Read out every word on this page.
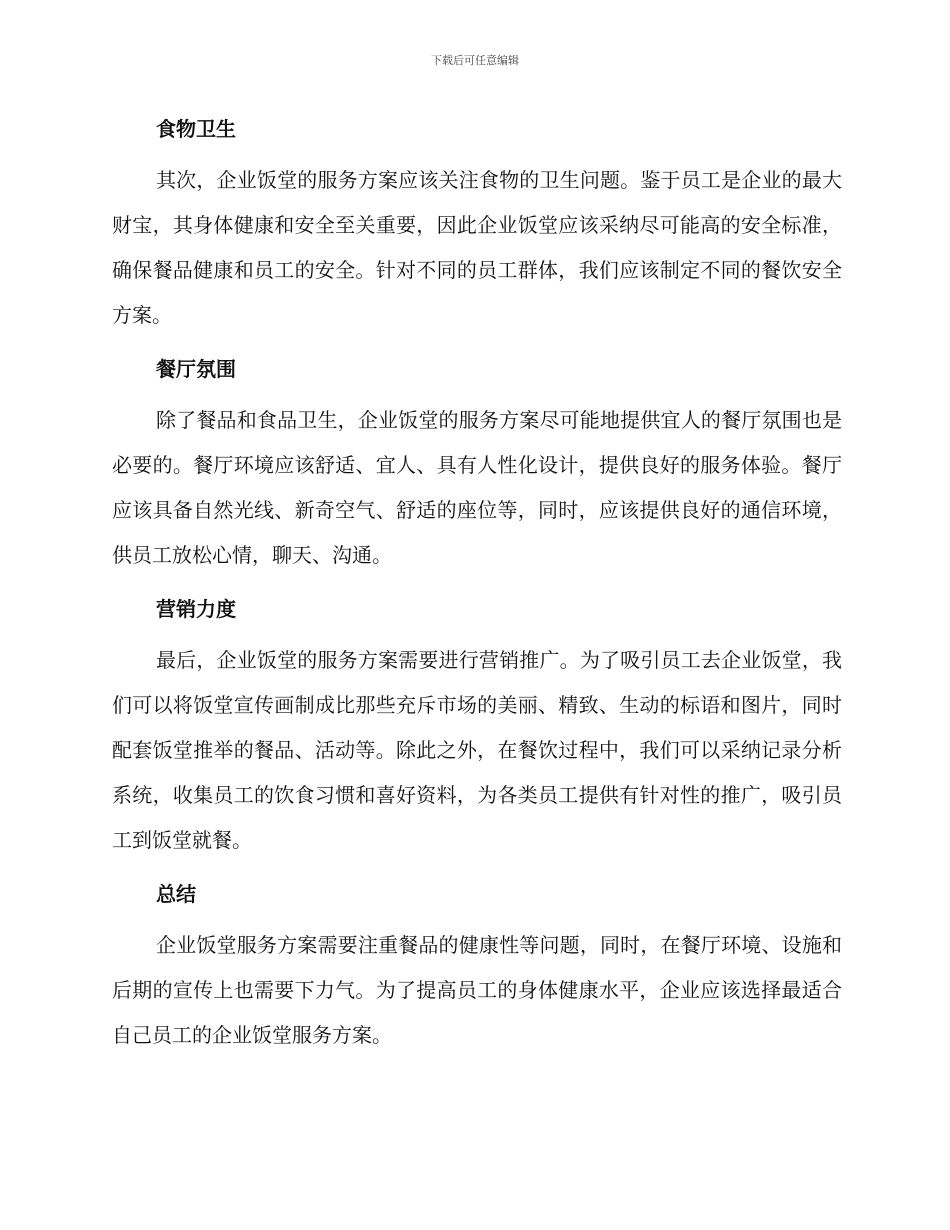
下载后可任意编辑
食物卫生

其次，企业饭堂的服务方案应该关注食物的卫生问题。鉴于员工是企业的最大财宝，其身体健康和安全至关重要，因此企业饭堂应该采纳尽可能高的安全标准，确保餐品健康和员工的安全。针对不同的员工群体，我们应该制定不同的餐饮安全方案。

餐厅氛围

除了餐品和食品卫生，企业饭堂的服务方案尽可能地提供宜人的餐厅氛围也是必要的。餐厅环境应该舒适、宜人、具有人性化设计，提供良好的服务体验。餐厅应该具备自然光线、新奇空气、舒适的座位等，同时，应该提供良好的通信环境，供员工放松心情，聊天、沟通。

营销力度

最后，企业饭堂的服务方案需要进行营销推广。为了吸引员工去企业饭堂，我们可以将饭堂宣传画制成比那些充斥市场的美丽、精致、生动的标语和图片，同时配套饭堂推举的餐品、活动等。除此之外，在餐饮过程中，我们可以采纳记录分析系统，收集员工的饮食习惯和喜好资料，为各类员工提供有针对性的推广，吸引员工到饭堂就餐。

总结

企业饭堂服务方案需要注重餐品的健康性等问题，同时，在餐厅环境、设施和后期的宣传上也需要下力气。为了提高员工的身体健康水平，企业应该选择最适合自己员工的企业饭堂服务方案。
